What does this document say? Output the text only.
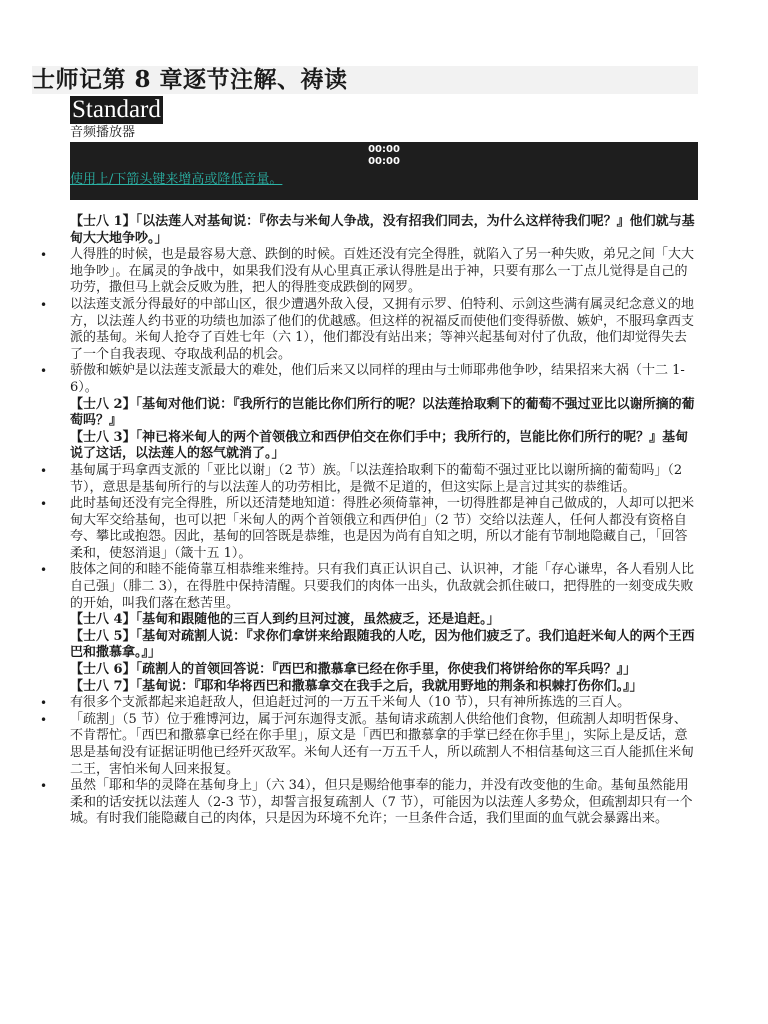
士师记第 8 章逐节注解、祷读
Standard
音频播放器
00:00
00:00
使用上/下箭头键来增高或降低音量。

【士八 1】「以法莲人对基甸说：『你去与米甸人争战，没有招我们同去，为什么这样待我们呢？』他们就与基甸大大地争吵。」

• 人得胜的时候，也是最容易大意、跌倒的时候。百姓还没有完全得胜，就陷入了另一种失败，弟兄之间「大大地争吵」。在属灵的争战中，如果我们没有从心里真正承认得胜是出于神，只要有那么一丁点儿觉得是自己的功劳，撒但马上就会反败为胜，把人的得胜变成跌倒的网罗。
• 以法莲支派分得最好的中部山区，很少遭遇外敌入侵，又拥有示罗、伯特利、示剑这些满有属灵纪念意义的地方，以法莲人约书亚的功绩也加添了他们的优越感。但这样的祝福反而使他们变得骄傲、嫉妒，不服玛拿西支派的基甸。米甸人抢夺了百姓七年（六 1），他们都没有站出来；等神兴起基甸对付了仇敌，他们却觉得失去了一个自我表现、夺取战利品的机会。
• 骄傲和嫉妒是以法莲支派最大的难处，他们后来又以同样的理由与士师耶弗他争吵，结果招来大祸（十二 1-6）。

【士八 2】「基甸对他们说：『我所行的岂能比你们所行的呢？以法莲拾取剩下的葡萄不强过亚比以谢所摘的葡萄吗？』

【士八 3】「神已将米甸人的两个首领俄立和西伊伯交在你们手中；我所行的，岂能比你们所行的呢？』基甸说了这话，以法莲人的怒气就消了。」

• 基甸属于玛拿西支派的「亚比以谢」（2 节）族。「以法莲拾取剩下的葡萄不强过亚比以谢所摘的葡萄吗」（2 节），意思是基甸所行的与以法莲人的功劳相比，是微不足道的，但这实际上是言过其实的恭维话。
• 此时基甸还没有完全得胜，所以还清楚地知道：得胜必须倚靠神，一切得胜都是神自己做成的，人却可以把米甸大军交给基甸，也可以把「米甸人的两个首领俄立和西伊伯」（2 节）交给以法莲人，任何人都没有资格自夸、攀比或抱怨。因此，基甸的回答既是恭维，也是因为尚有自知之明，所以才能有节制地隐藏自己，「回答柔和，使怒消退」（箴十五 1）。
• 肢体之间的和睦不能倚靠互相恭维来维持。只有我们真正认识自己、认识神，才能「存心谦卑，各人看别人比自己强」（腓二 3），在得胜中保持清醒。只要我们的肉体一出头，仇敌就会抓住破口，把得胜的一刻变成失败的开始，叫我们落在愁苦里。

【士八 4】「基甸和跟随他的三百人到约旦河过渡，虽然疲乏，还是追赶。」

【士八 5】「基甸对疏割人说：『求你们拿饼来给跟随我的人吃，因为他们疲乏了。我们追赶米甸人的两个王西巴和撒慕拿。』」

【士八 6】「疏割人的首领回答说：『西巴和撒慕拿已经在你手里，你使我们将饼给你的军兵吗？』」

【士八 7】「基甸说：『耶和华将西巴和撒慕拿交在我手之后，我就用野地的荆条和枳棘打伤你们。』」

• 有很多个支派都起来追赶敌人，但追赶过河的一万五千米甸人（10 节），只有神所拣选的三百人。
• 「疏割」（5 节）位于雅博河边，属于河东迦得支派。基甸请求疏割人供给他们食物，但疏割人却明哲保身、不肯帮忙。「西巴和撒慕拿已经在你手里」，原文是「西巴和撒慕拿的手掌已经在你手里」，实际上是反话，意思是基甸没有证据证明他已经歼灭敌军。米甸人还有一万五千人，所以疏割人不相信基甸这三百人能抓住米甸二王，害怕米甸人回来报复。
• 虽然「耶和华的灵降在基甸身上」（六 34），但只是赐给他事奉的能力，并没有改变他的生命。基甸虽然能用柔和的话安抚以法莲人（2-3 节），却誓言报复疏割人（7 节），可能因为以法莲人多势众，但疏割却只有一个城。有时我们能隐藏自己的肉体，只是因为环境不允许；一旦条件合适，我们里面的血气就会暴露出来。
